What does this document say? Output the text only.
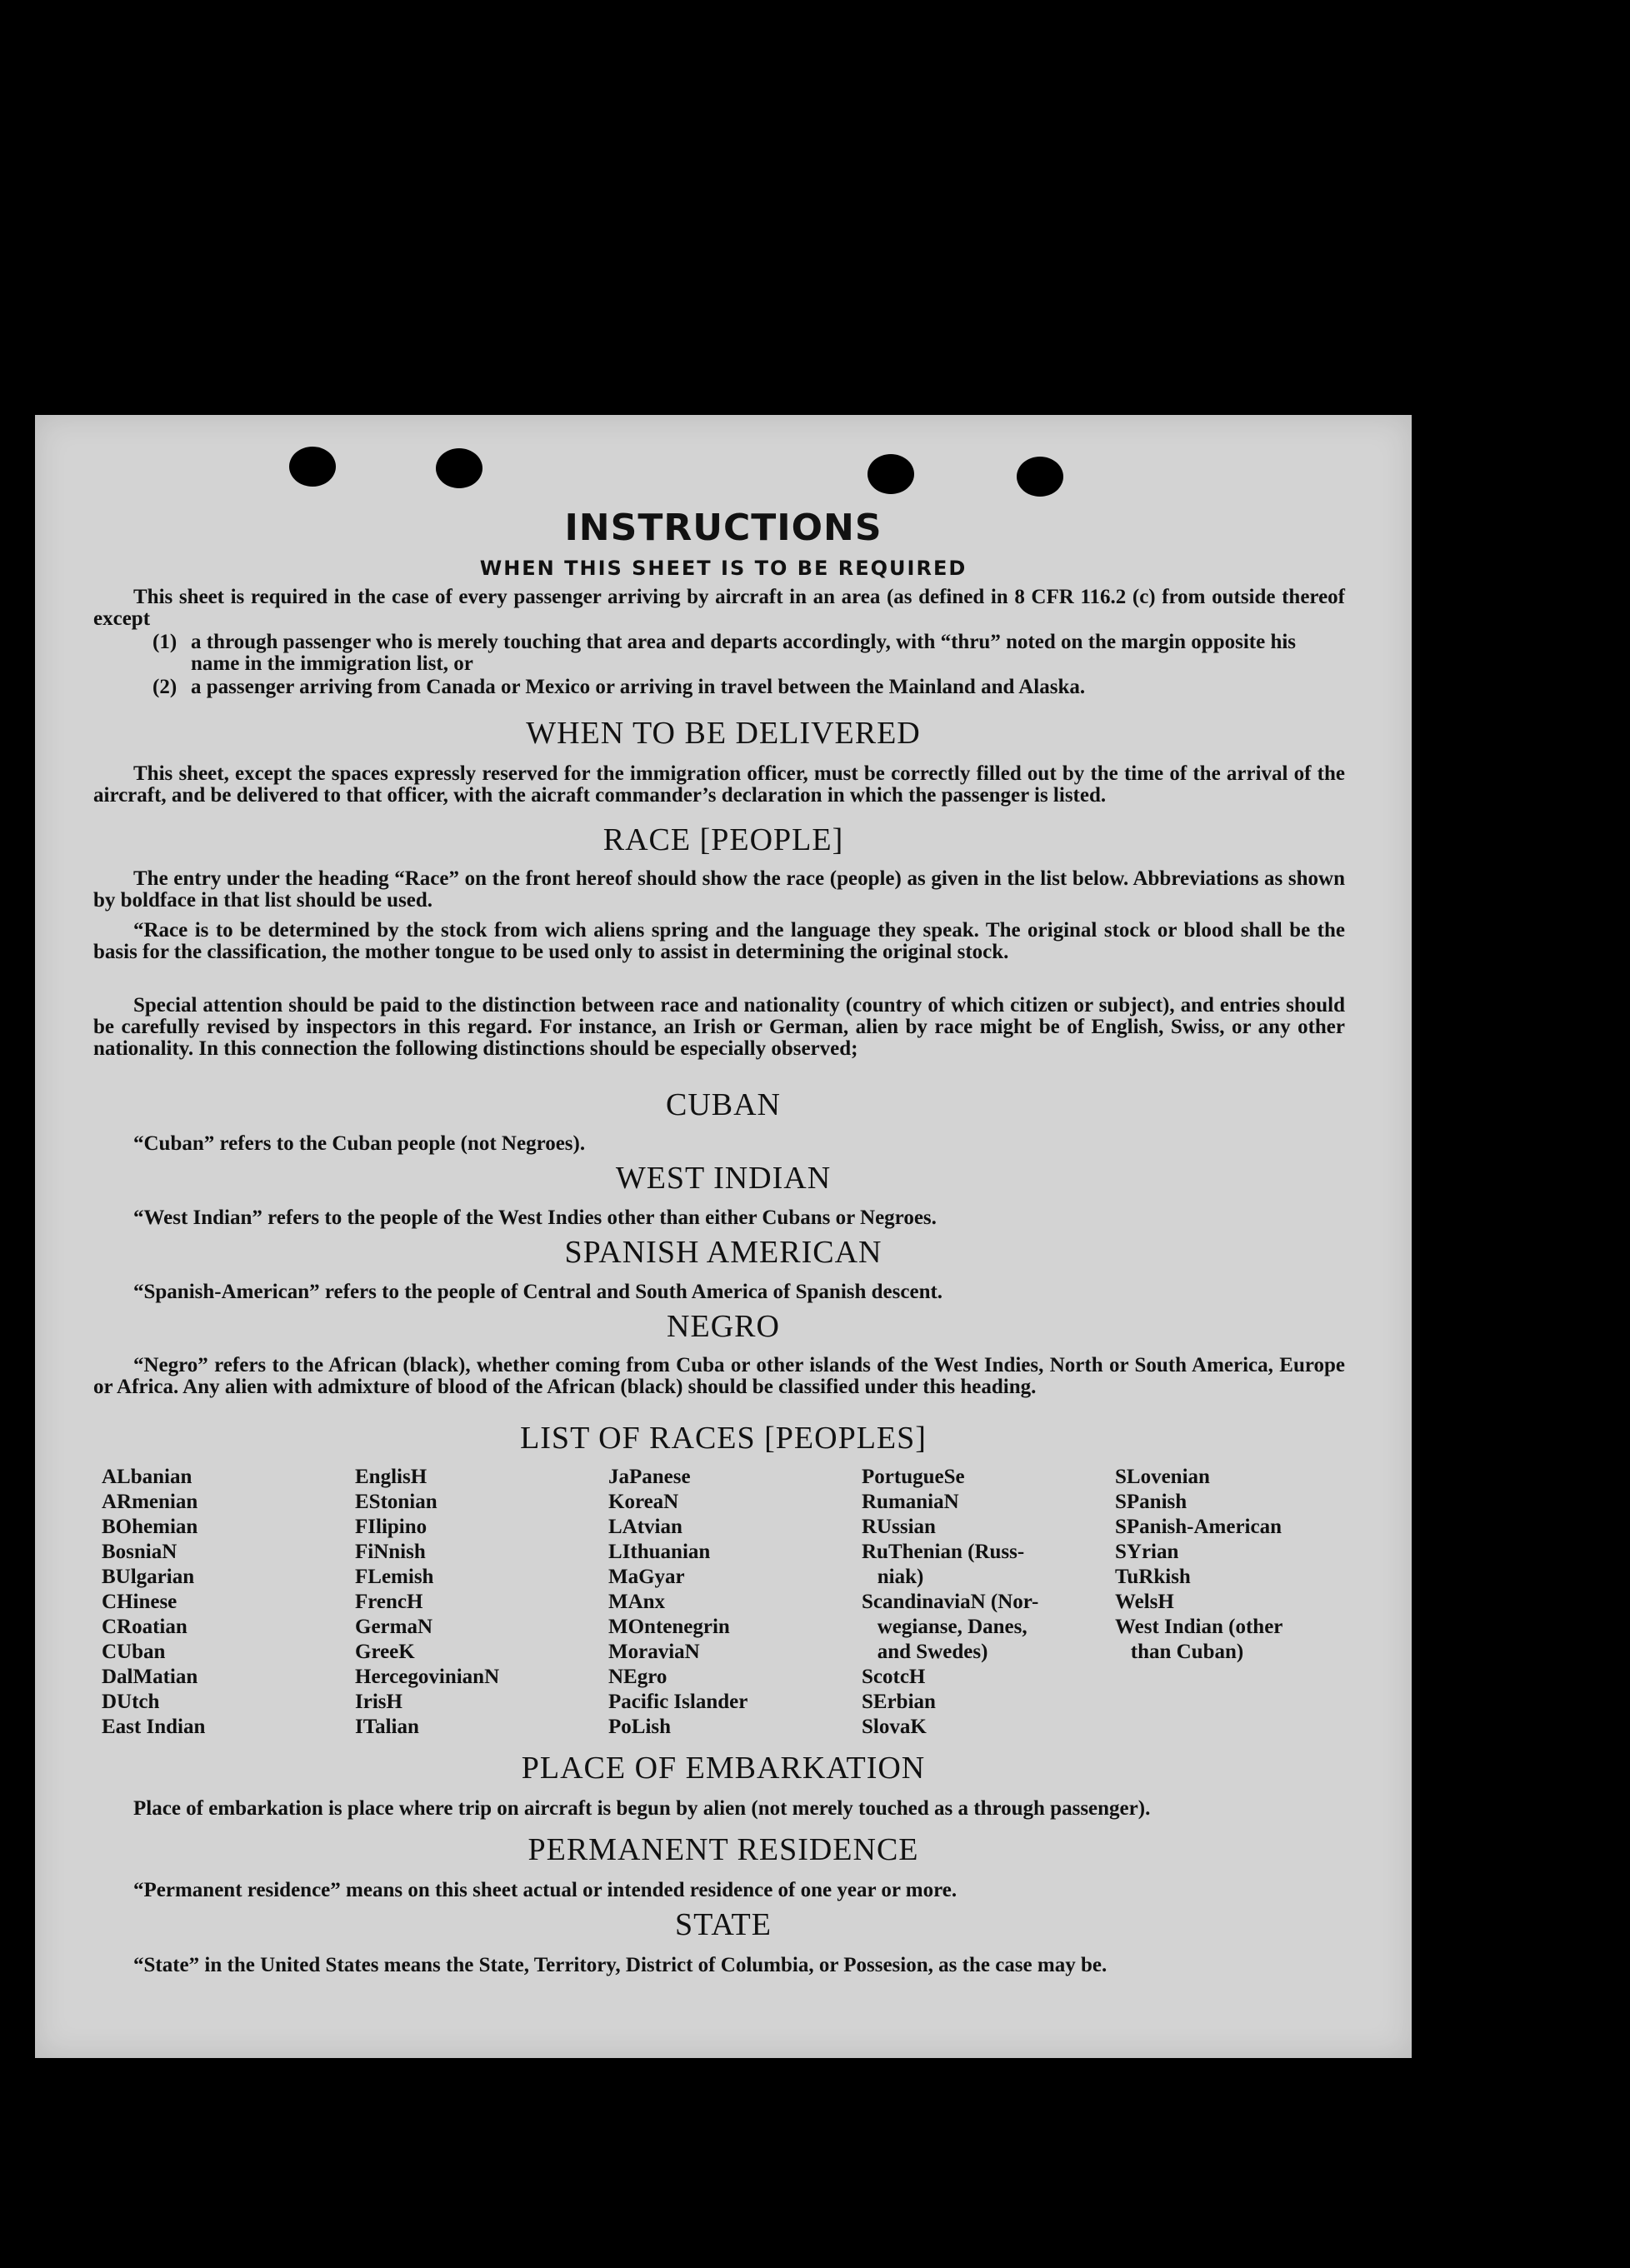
INSTRUCTIONS
WHEN THIS SHEET IS TO BE REQUIRED
This sheet is required in the case of every passenger arriving by aircraft in an area (as defined in 8 CFR 116.2 (c) from outside thereof except
(1) a through passenger who is merely touching that area and departs accordingly, with “thru” noted on the margin opposite his name in the immigration list, or
(2) a passenger arriving from Canada or Mexico or arriving in travel between the Mainland and Alaska.
WHEN TO BE DELIVERED
This sheet, except the spaces expressly reserved for the immigration officer, must be correctly filled out by the time of the arrival of the aircraft, and be delivered to that officer, with the aicraft commander’s declaration in which the passenger is listed.
RACE [PEOPLE]
The entry under the heading “Race” on the front hereof should show the race (people) as given in the list below. Abbreviations as shown by boldface in that list should be used.
“Race is to be determined by the stock from wich aliens spring and the language they speak. The original stock or blood shall be the basis for the classification, the mother tongue to be used only to assist in determining the original stock.
Special attention should be paid to the distinction between race and nationality (country of which citizen or subject), and entries should be carefully revised by inspectors in this regard. For instance, an Irish or German, alien by race might be of English, Swiss, or any other nationality. In this connection the following distinctions should be especially observed;
CUBAN
“Cuban” refers to the Cuban people (not Negroes).
WEST INDIAN
“West Indian” refers to the people of the West Indies other than either Cubans or Negroes.
SPANISH AMERICAN
“Spanish-American” refers to the people of Central and South America of Spanish descent.
NEGRO
“Negro” refers to the African (black), whether coming from Cuba or other islands of the West Indies, North or South America, Europe or Africa. Any alien with admixture of blood of the African (black) should be classified under this heading.
LIST OF RACES [PEOPLES]
ALbanian
ARmenian
BOhemian
BosniaN
BUlgarian
CHinese
CRoatian
CUban
DalMatian
DUtch
East Indian
EnglisH
EStonian
FIlipino
FiNnish
FLemish
FrencH
GermaN
GreeK
HercegovinianN
IrisH
ITalian
JaPanese
KoreaN
LAtvian
LIthuanian
MaGyar
MAnx
MOntenegrin
MoraviaN
NEgro
Pacific Islander
PoLish
PortugueSe
RumaniaN
RUssian
RuThenian (Russ-
niak)
ScandinaviaN (Nor-
wegianse, Danes,
and Swedes)
ScotcH
SErbian
SlovaK
SLovenian
SPanish
SPanish-American
SYrian
TuRkish
WelsH
West Indian (other
than Cuban)
PLACE OF EMBARKATION
Place of embarkation is place where trip on aircraft is begun by alien (not merely touched as a through passenger).
PERMANENT RESIDENCE
“Permanent residence” means on this sheet actual or intended residence of one year or more.
STATE
“State” in the United States means the State, Territory, District of Columbia, or Possesion, as the case may be.
